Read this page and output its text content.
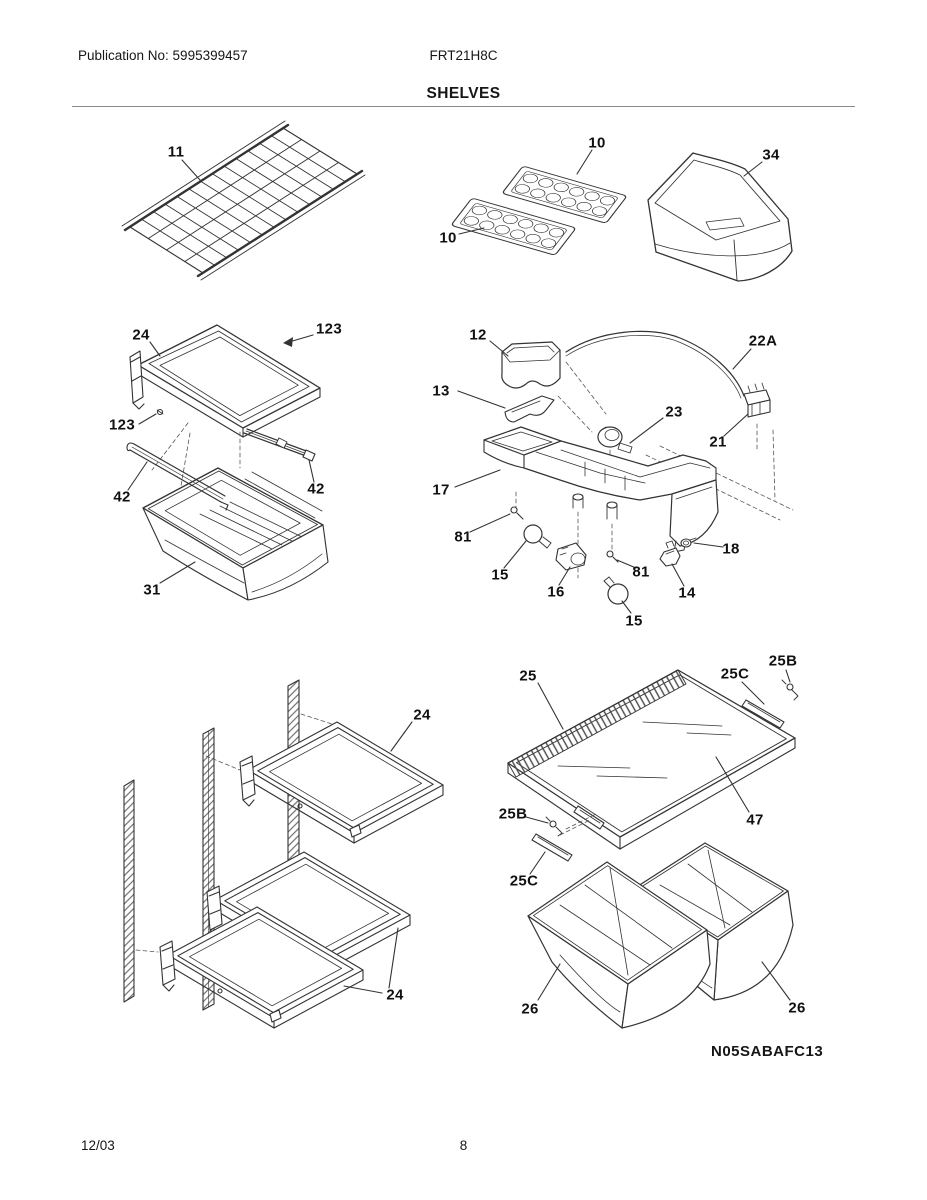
Publication No: 5995399457	FRT21H8C
SHELVES
11
10
10
34
24	123
123
42	42
31
12
13
22A
23
21
17
81
15
16
81
15
14
18
24
24
25	25C
25B
25B
25C
47
26	26
N05SABAFC13
12/03	8
